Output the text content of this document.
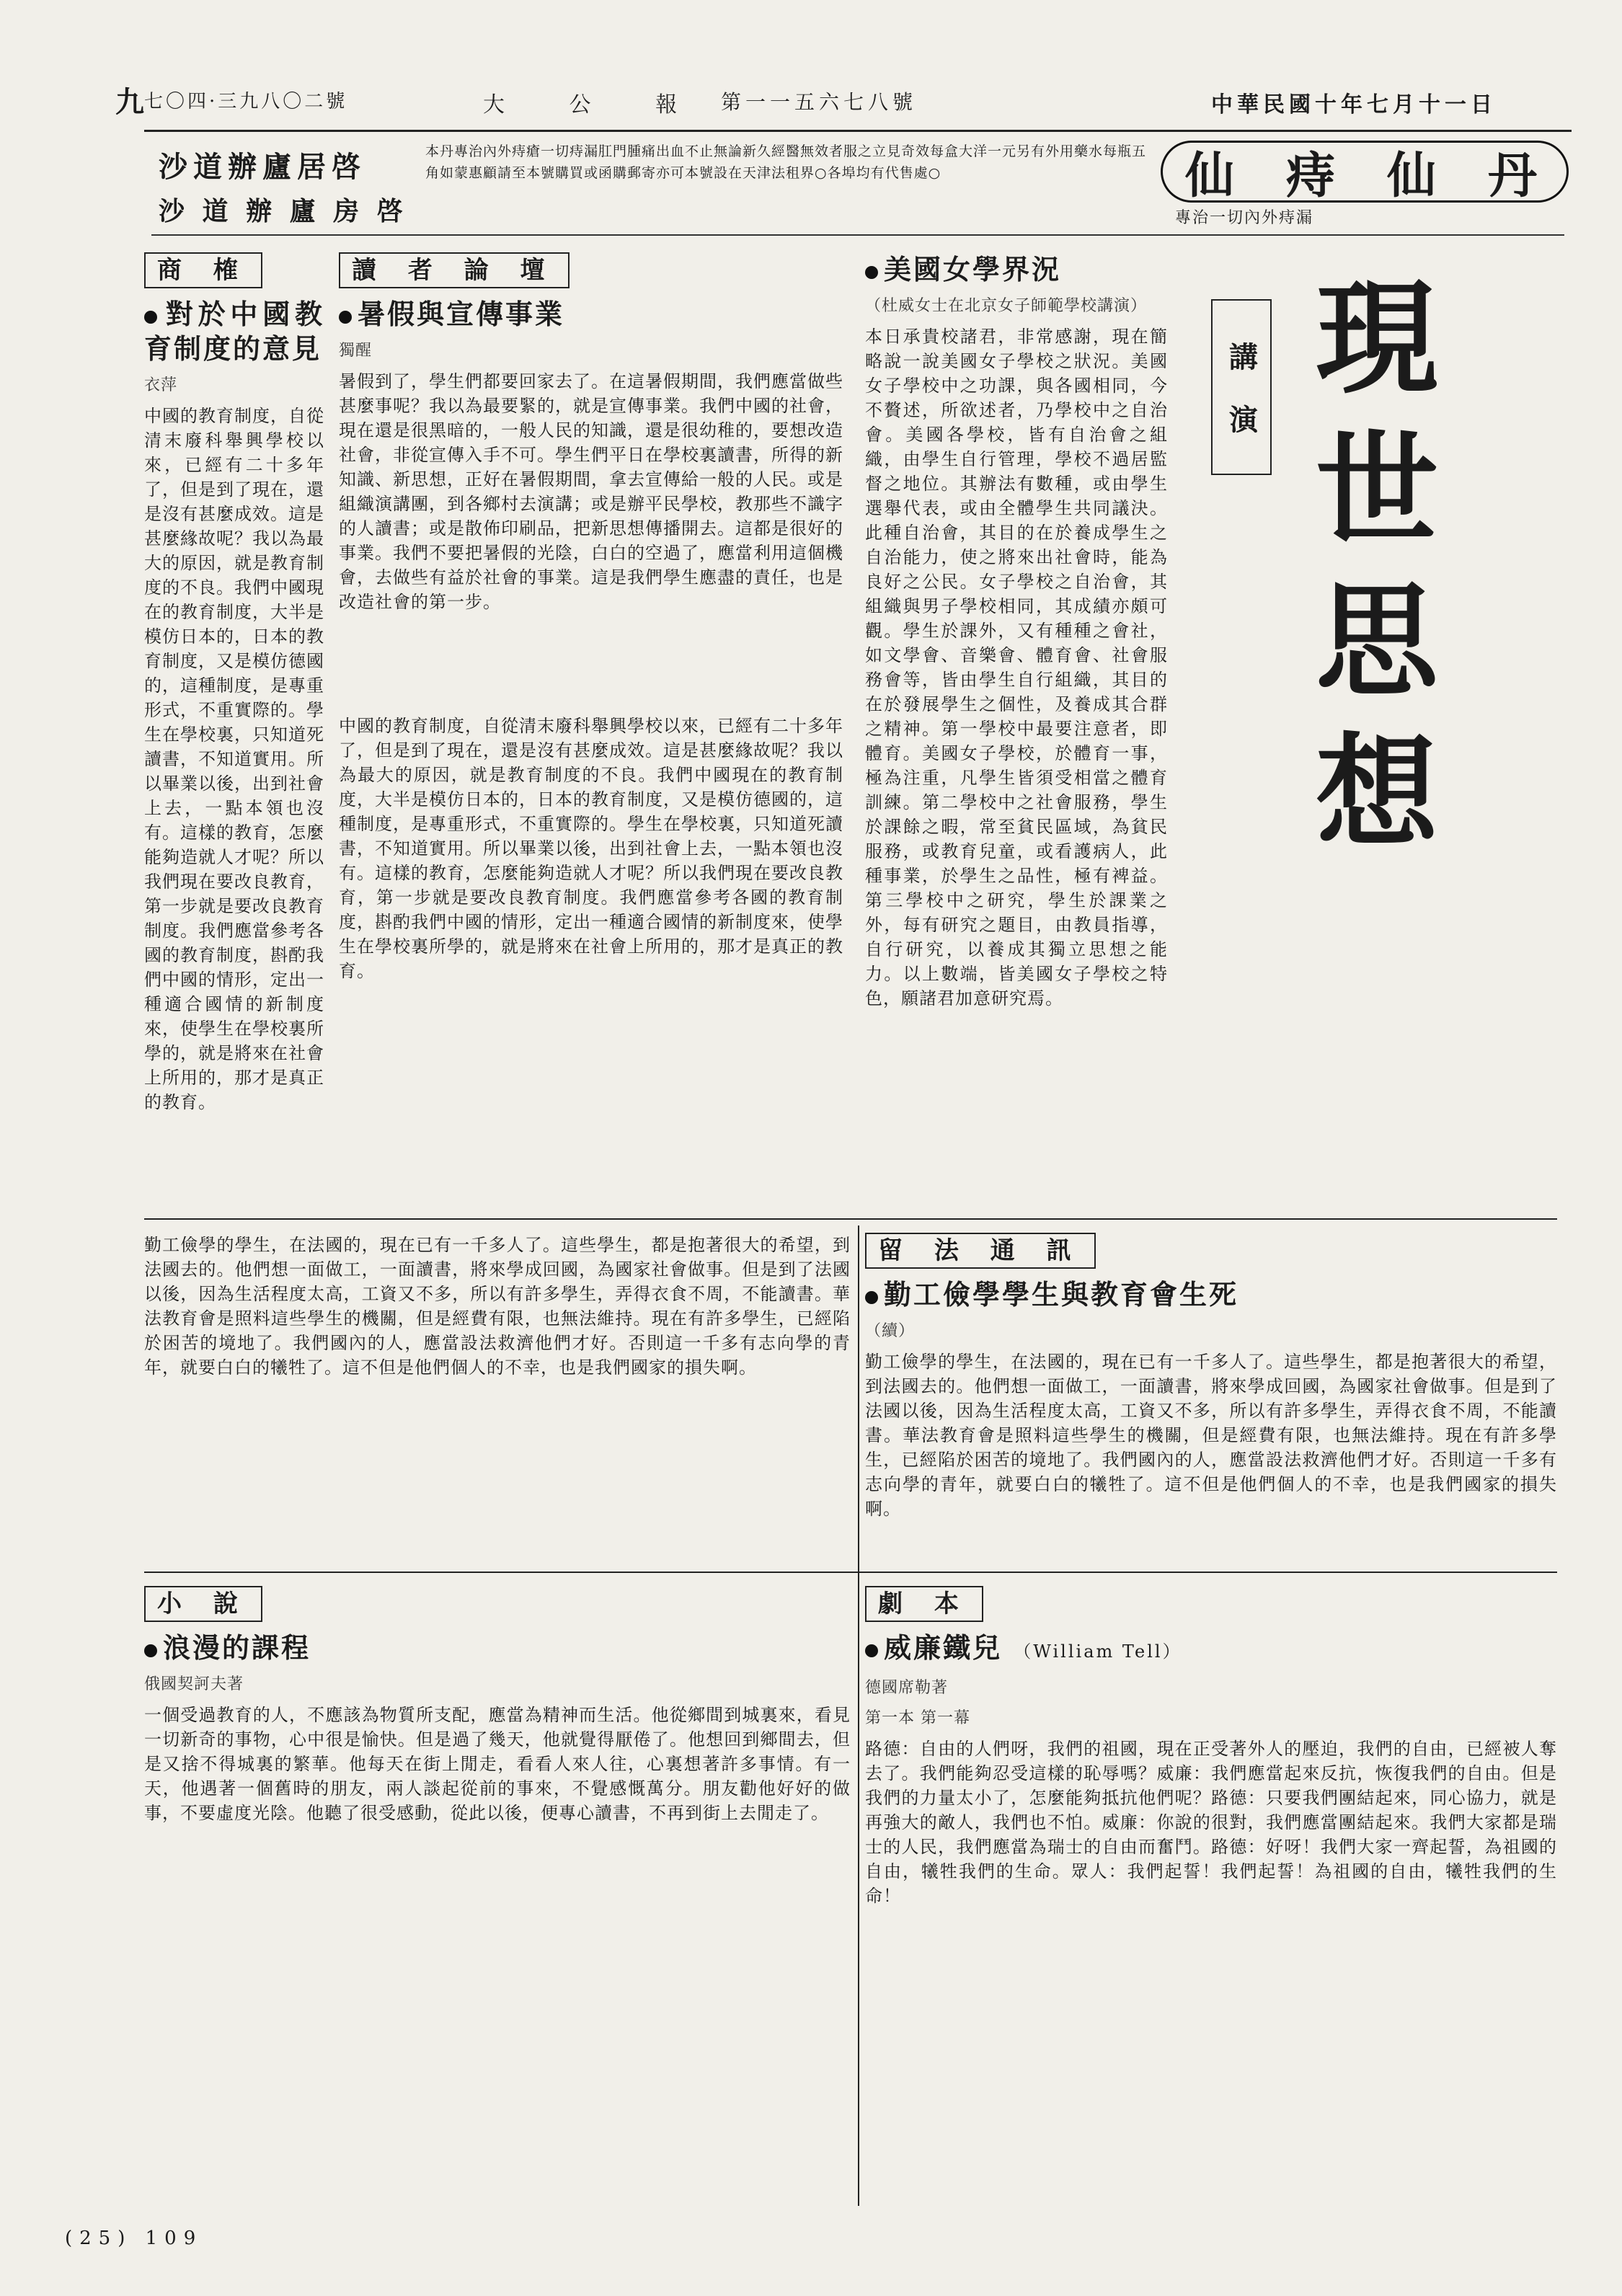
九 七〇四·三九八〇二號	大 公 報 第一一五六七八號	中華民國十年七月十一日
沙道辦廬居啓
沙 道 辦 廬 房 啓
本丹專治內外痔瘡一切痔漏肛門腫痛出血不止無論新久經醫無效者服之立見奇效每盒大洋一元另有外用藥水每瓶五角如蒙惠顧請至本號購買或函購郵寄亦可本號設在天津法租界○各埠均有代售處○	仙 痔 仙 丹
專治一切內外痔漏
現
世
思
想
講 演
美國女學界況
（杜威女士在北京女子師範學校講演）

本日承貴校諸君，非常感謝，現在簡略說一說美國女子學校之狀況。美國女子學校中之功課，與各國相同，今不贅述，所欲述者，乃學校中之自治會。美國各學校，皆有自治會之組織，由學生自行管理，學校不過居監督之地位。其辦法有數種，或由學生選舉代表，或由全體學生共同議決。此種自治會，其目的在於養成學生之自治能力，使之將來出社會時，能為良好之公民。女子學校之自治會，其組織與男子學校相同，其成績亦頗可觀。學生於課外，又有種種之會社，如文學會、音樂會、體育會、社會服務會等，皆由學生自行組織，其目的在於發展學生之個性，及養成其合群之精神。第一學校中最要注意者，即體育。美國女子學校，於體育一事，極為注重，凡學生皆須受相當之體育訓練。第二學校中之社會服務，學生於課餘之暇，常至貧民區域，為貧民服務，或教育兒童，或看護病人，此種事業，於學生之品性，極有裨益。第三學校中之研究，學生於課業之外，每有研究之題目，由教員指導，自行研究，以養成其獨立思想之能力。以上數端，皆美國女子學校之特色，願諸君加意研究焉。

讀 者 論 壇
暑假與宣傳事業
獨醒

暑假到了，學生們都要回家去了。在這暑假期間，我們應當做些甚麼事呢？我以為最要緊的，就是宣傳事業。我們中國的社會，現在還是很黑暗的，一般人民的知識，還是很幼稚的，要想改造社會，非從宣傳入手不可。學生們平日在學校裏讀書，所得的新知識、新思想，正好在暑假期間，拿去宣傳給一般的人民。或是組織演講團，到各鄉村去演講；或是辦平民學校，教那些不識字的人讀書；或是散佈印刷品，把新思想傳播開去。這都是很好的事業。我們不要把暑假的光陰，白白的空過了，應當利用這個機會，去做些有益於社會的事業。這是我們學生應盡的責任，也是改造社會的第一步。

商 榷
對於中國教育制度的意見
衣萍

中國的教育制度，自從清末廢科舉興學校以來，已經有二十多年了，但是到了現在，還是沒有甚麼成效。這是甚麼緣故呢？我以為最大的原因，就是教育制度的不良。我們中國現在的教育制度，大半是模仿日本的，日本的教育制度，又是模仿德國的，這種制度，是專重形式，不重實際的。學生在學校裏，只知道死讀書，不知道實用。所以畢業以後，出到社會上去，一點本領也沒有。這樣的教育，怎麼能夠造就人才呢？所以我們現在要改良教育，第一步就是要改良教育制度。我們應當參考各國的教育制度，斟酌我們中國的情形，定出一種適合國情的新制度來，使學生在學校裏所學的，就是將來在社會上所用的，那才是真正的教育。

中國的教育制度，自從清末廢科舉興學校以來，已經有二十多年了，但是到了現在，還是沒有甚麼成效。這是甚麼緣故呢？我以為最大的原因，就是教育制度的不良。我們中國現在的教育制度，大半是模仿日本的，日本的教育制度，又是模仿德國的，這種制度，是專重形式，不重實際的。學生在學校裏，只知道死讀書，不知道實用。所以畢業以後，出到社會上去，一點本領也沒有。這樣的教育，怎麼能夠造就人才呢？所以我們現在要改良教育，第一步就是要改良教育制度。我們應當參考各國的教育制度，斟酌我們中國的情形，定出一種適合國情的新制度來，使學生在學校裏所學的，就是將來在社會上所用的，那才是真正的教育。

留 法 通 訊
勤工儉學學生與教育會生死
（續）

勤工儉學的學生，在法國的，現在已有一千多人了。這些學生，都是抱著很大的希望，到法國去的。他們想一面做工，一面讀書，將來學成回國，為國家社會做事。但是到了法國以後，因為生活程度太高，工資又不多，所以有許多學生，弄得衣食不周，不能讀書。華法教育會是照料這些學生的機關，但是經費有限，也無法維持。現在有許多學生，已經陷於困苦的境地了。我們國內的人，應當設法救濟他們才好。否則這一千多有志向學的青年，就要白白的犧牲了。這不但是他們個人的不幸，也是我們國家的損失啊。

勤工儉學的學生，在法國的，現在已有一千多人了。這些學生，都是抱著很大的希望，到法國去的。他們想一面做工，一面讀書，將來學成回國，為國家社會做事。但是到了法國以後，因為生活程度太高，工資又不多，所以有許多學生，弄得衣食不周，不能讀書。華法教育會是照料這些學生的機關，但是經費有限，也無法維持。現在有許多學生，已經陷於困苦的境地了。我們國內的人，應當設法救濟他們才好。否則這一千多有志向學的青年，就要白白的犧牲了。這不但是他們個人的不幸，也是我們國家的損失啊。

劇 本
威廉鐵兒 （William Tell）
德國席勒著
第一本 第一幕

路德：自由的人們呀，我們的祖國，現在正受著外人的壓迫，我們的自由，已經被人奪去了。我們能夠忍受這樣的恥辱嗎？威廉：我們應當起來反抗，恢復我們的自由。但是我們的力量太小了，怎麼能夠抵抗他們呢？路德：只要我們團結起來，同心協力，就是再強大的敵人，我們也不怕。威廉：你說的很對，我們應當團結起來。我們大家都是瑞士的人民，我們應當為瑞士的自由而奮鬥。路德：好呀！我們大家一齊起誓，為祖國的自由，犧牲我們的生命。眾人：我們起誓！我們起誓！為祖國的自由，犧牲我們的生命！

小 說
浪漫的課程
俄國契訶夫著

一個受過教育的人，不應該為物質所支配，應當為精神而生活。他從鄉間到城裏來，看見一切新奇的事物，心中很是愉快。但是過了幾天，他就覺得厭倦了。他想回到鄉間去，但是又捨不得城裏的繁華。他每天在街上閒走，看看人來人往，心裏想著許多事情。有一天，他遇著一個舊時的朋友，兩人談起從前的事來，不覺感慨萬分。朋友勸他好好的做事，不要虛度光陰。他聽了很受感動，從此以後，便專心讀書，不再到街上去閒走了。

(25) 109
